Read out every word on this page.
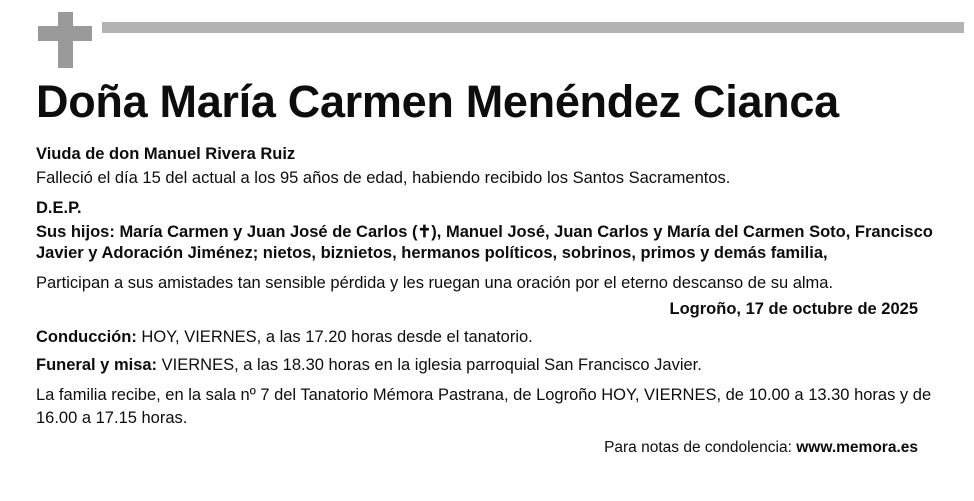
Doña María Carmen Menéndez Cianca
Viuda de don Manuel Rivera Ruiz
Falleció el día 15 del actual a los 95 años de edad, habiendo recibido los Santos Sacramentos.
D.E.P.
Sus hijos: María Carmen y Juan José de Carlos (✝), Manuel José, Juan Carlos y María del Carmen Soto, Francisco Javier y Adoración Jiménez; nietos, biznietos, hermanos políticos, sobrinos, primos y demás familia,
Participan a sus amistades tan sensible pérdida y les ruegan una oración por el eterno descanso de su alma.
Logroño, 17 de octubre de 2025
Conducción: HOY, VIERNES, a las 17.20 horas desde el tanatorio.
Funeral y misa: VIERNES, a las 18.30 horas en la iglesia parroquial San Francisco Javier.
La familia recibe, en la sala nº 7 del Tanatorio Mémora Pastrana, de Logroño HOY, VIERNES, de 10.00 a 13.30 horas y de 16.00 a 17.15 horas.
Para notas de condolencia: www.memora.es
